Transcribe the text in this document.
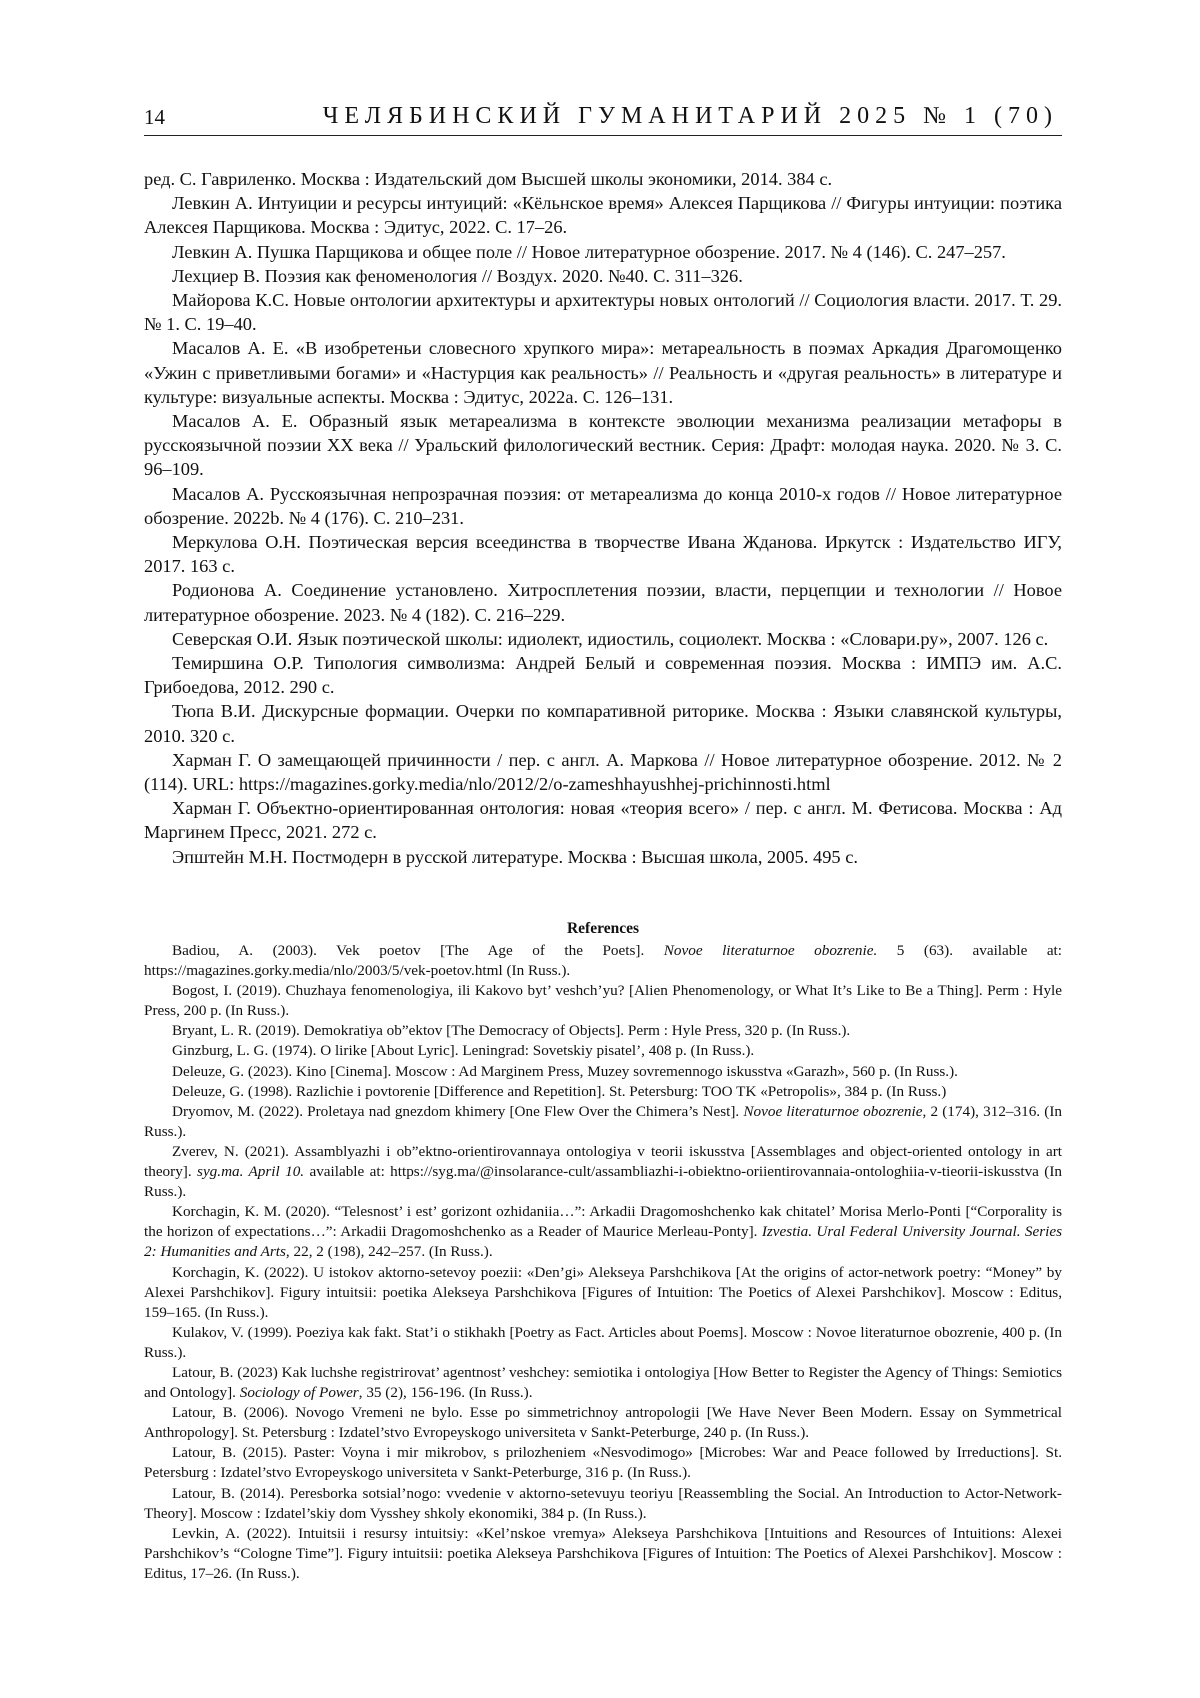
14	ЧЕЛЯБИНСКИЙ ГУМАНИТАРИЙ 2025 № 1 (70)

ред. С. Гавриленко. Москва : Издательский дом Высшей школы экономики, 2014. 384 с.

Левкин А. Интуиции и ресурсы интуиций: «Кёльнское время» Алексея Парщикова // Фигуры интуиции: поэтика Алексея Парщикова. Москва : Эдитус, 2022. С. 17–26.

Левкин А. Пушка Парщикова и общее поле // Новое литературное обозрение. 2017. № 4 (146). С. 247–257.

Лехциер В. Поэзия как феноменология // Воздух. 2020. №40. С. 311–326.

Майорова К.С. Новые онтологии архитектуры и архитектуры новых онтологий // Социология власти. 2017. Т. 29. № 1. С. 19–40.

Масалов А. Е. «В изобретеньи словесного хрупкого мира»: метареальность в поэмах Аркадия Драгомощенко «Ужин с приветливыми богами» и «Настурция как реальность» // Реальность и «другая реальность» в литературе и культуре: визуальные аспекты. Москва : Эдитус, 2022a. С. 126–131.

Масалов А. Е. Образный язык метареализма в контексте эволюции механизма реализации метафоры в русскоязычной поэзии XX века // Уральский филологический вестник. Серия: Драфт: молодая наука. 2020. № 3. С. 96–109.

Масалов А. Русскоязычная непрозрачная поэзия: от метареализма до конца 2010-х годов // Новое литературное обозрение. 2022b. № 4 (176). С. 210–231.

Меркулова О.Н. Поэтическая версия всеединства в творчестве Ивана Жданова. Иркутск : Издательство ИГУ, 2017. 163 с.

Родионова А. Соединение установлено. Хитросплетения поэзии, власти, перцепции и технологии // Новое литературное обозрение. 2023. № 4 (182). С. 216–229.

Северская О.И. Язык поэтической школы: идиолект, идиостиль, социолект. Москва : «Словари.ру», 2007. 126 с.

Темиршина О.Р. Типология символизма: Андрей Белый и современная поэзия. Москва : ИМПЭ им. А.С. Грибоедова, 2012. 290 с.

Тюпа В.И. Дискурсные формации. Очерки по компаративной риторике. Москва : Языки славянской культуры, 2010. 320 с.

Харман Г. О замещающей причинности / пер. с англ. А. Маркова // Новое литературное обозрение. 2012. № 2 (114). URL: https://magazines.gorky.media/nlo/2012/2/o-zameshhayushhej-prichinnosti.html

Харман Г. Объектно-ориентированная онтология: новая «теория всего» / пер. с англ. М. Фетисова. Москва : Ад Маргинем Пресс, 2021. 272 с.

Эпштейн М.Н. Постмодерн в русской литературе. Москва : Высшая школа, 2005. 495 с.

References

Badiou, A. (2003). Vek poetov [The Age of the Poets]. Novoe literaturnoe obozrenie. 5 (63). available at: https://magazines.gorky.media/nlo/2003/5/vek-poetov.html (In Russ.).

Bogost, I. (2019). Chuzhaya fenomenologiya, ili Kakovo byt’ veshch’yu? [Alien Phenomenology, or What It’s Like to Be a Thing]. Perm : Hyle Press, 200 p. (In Russ.).

Bryant, L. R. (2019). Demokratiya ob”ektov [The Democracy of Objects]. Perm : Hyle Press, 320 p. (In Russ.).

Ginzburg, L. G. (1974). O lirike [About Lyric]. Leningrad: Sovetskiy pisatel’, 408 p. (In Russ.).

Deleuze, G. (2023). Kino [Cinema]. Moscow : Ad Marginem Press, Muzey sovremennogo iskusstva «Garazh», 560 p. (In Russ.).

Deleuze, G. (1998). Razlichie i povtorenie [Difference and Repetition]. St. Petersburg: TOO TK «Petropolis», 384 p. (In Russ.)

Dryomov, M. (2022). Proletaya nad gnezdom khimery [One Flew Over the Chimera’s Nest]. Novoe literaturnoe obozrenie, 2 (174), 312–316. (In Russ.).

Zverev, N. (2021). Assamblyazhi i ob”ektno-orientirovannaya ontologiya v teorii iskusstva [Assemblages and object-oriented ontology in art theory]. syg.ma. April 10. available at: https://syg.ma/@insolarance-cult/assambliazhi-i-obiektno-oriientirovannaia-ontologhiia-v-tieorii-iskusstva (In Russ.).

Korchagin, K. M. (2020). “Telesnost’ i est’ gorizont ozhidaniia…”: Arkadii Dragomoshchenko kak chitatel’ Morisa Merlo-Ponti [“Corporality is the horizon of expectations…”: Arkadii Dragomoshchenko as a Reader of Maurice Merleau-Ponty]. Izvestia. Ural Federal University Journal. Series 2: Humanities and Arts, 22, 2 (198), 242–257. (In Russ.).

Korchagin, K. (2022). U istokov aktorno-setevoy poezii: «Den’gi» Alekseya Parshchikova [At the origins of actor-network poetry: “Money” by Alexei Parshchikov]. Figury intuitsii: poetika Alekseya Parshchikova [Figures of Intuition: The Poetics of Alexei Parshchikov]. Moscow : Editus, 159–165. (In Russ.).

Kulakov, V. (1999). Poeziya kak fakt. Stat’i o stikhakh [Poetry as Fact. Articles about Poems]. Moscow : Novoe literaturnoe obozrenie, 400 p. (In Russ.).

Latour, B. (2023) Kak luchshe registrirovat’ agentnost’ veshchey: semiotika i ontologiya [How Better to Register the Agency of Things: Semiotics and Ontology]. Sociology of Power, 35 (2), 156-196. (In Russ.).

Latour, B. (2006). Novogo Vremeni ne bylo. Esse po simmetrichnoy antropologii [We Have Never Been Modern. Essay on Symmetrical Anthropology]. St. Petersburg : Izdatel’stvo Evropeyskogo universiteta v Sankt-Peterburge, 240 p. (In Russ.).

Latour, B. (2015). Paster: Voyna i mir mikrobov, s prilozheniem «Nesvodimogo» [Microbes: War and Peace followed by Irreductions]. St. Petersburg : Izdatel’stvo Evropeyskogo universiteta v Sankt-Peterburge, 316 p. (In Russ.).

Latour, B. (2014). Peresborka sotsial’nogo: vvedenie v aktorno-setevuyu teoriyu [Reassembling the Social. An Introduction to Actor-Network-Theory]. Moscow : Izdatel’skiy dom Vysshey shkoly ekonomiki, 384 p. (In Russ.).

Levkin, A. (2022). Intuitsii i resursy intuitsiy: «Kel’nskoe vremya» Alekseya Parshchikova [Intuitions and Resources of Intuitions: Alexei Parshchikov’s “Cologne Time”]. Figury intuitsii: poetika Alekseya Parshchikova [Figures of Intuition: The Poetics of Alexei Parshchikov]. Moscow : Editus, 17–26. (In Russ.).
